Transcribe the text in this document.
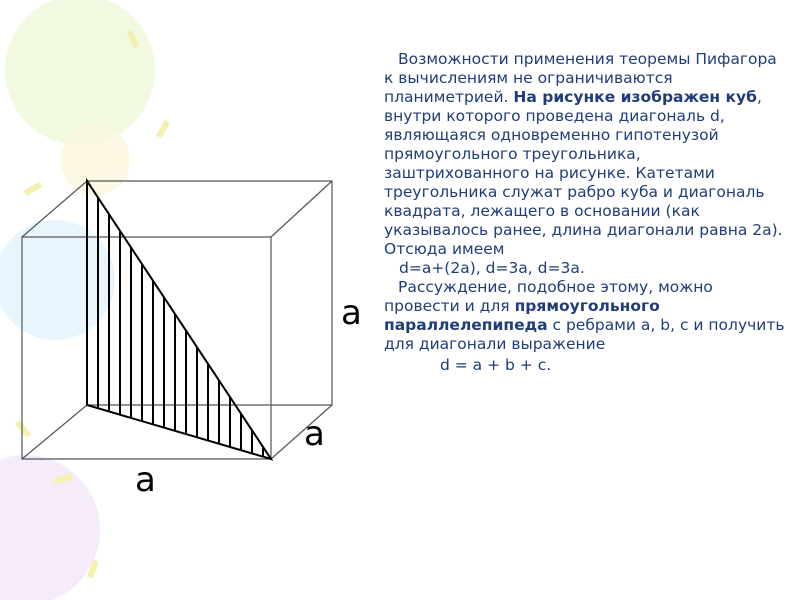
a
a
a

Возможности применения теоремы Пифагора к вычислениям не ограничиваются планиметрией. На рисунке изображен куб, внутри которого проведена диагональ d, являющаяся одновременно гипотенузой прямоугольного треугольника, заштрихованного на рисунке. Катетами треугольника служат рабро куба и диагональ квадрата, лежащего в основании (как указывалось ранее, длина диагонали равна 2a). Отсюда имеем
d=a+(2a), d=3a, d=3a.

Рассуждение, подобное этому, можно провести и для прямоугольного параллелепипеда с ребрами a, b, c и получить для диагонали выражение
d = a + b + c.
